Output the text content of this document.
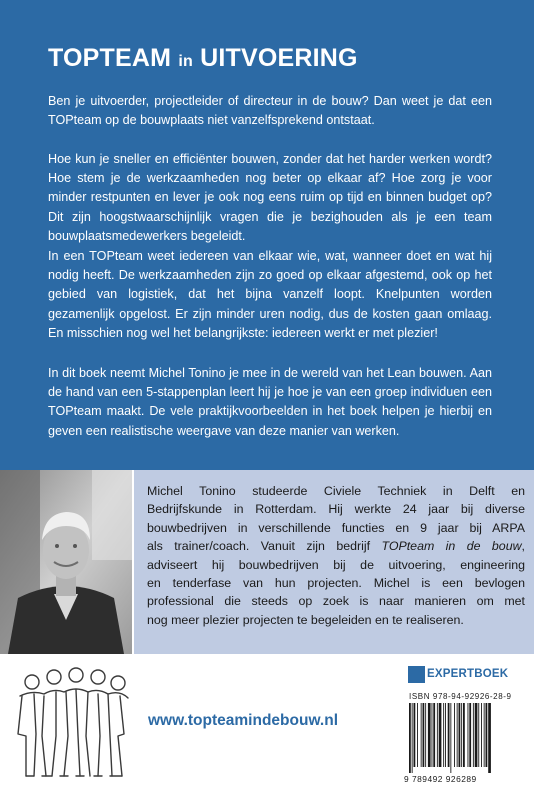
TOPTEAM in UITVOERING
Ben je uitvoerder, projectleider of directeur in de bouw? Dan weet je dat een TOPteam op de bouwplaats niet vanzelfsprekend ontstaat.
Hoe kun je sneller en efficiënter bouwen, zonder dat het harder werken wordt? Hoe stem je de werkzaamheden nog beter op elkaar af? Hoe zorg je voor minder restpunten en lever je ook nog eens ruim op tijd en binnen budget op? Dit zijn hoogstwaarschijnlijk vragen die je bezighouden als je een team bouwplaatsmedewerkers begeleidt.
In een TOPteam weet iedereen van elkaar wie, wat, wanneer doet en wat hij nodig heeft. De werkzaamheden zijn zo goed op elkaar afgestemd, ook op het gebied van logistiek, dat het bijna vanzelf loopt. Knelpunten worden gezamenlijk opgelost. Er zijn minder uren nodig, dus de kosten gaan omlaag. En misschien nog wel het belangrijkste: iedereen werkt er met plezier!
In dit boek neemt Michel Tonino je mee in de wereld van het Lean bouwen. Aan de hand van een 5-stappenplan leert hij je hoe je van een groep individuen een TOPteam maakt. De vele praktijkvoorbeelden in het boek helpen je hierbij en geven een realistische weergave van deze manier van werken.
Michel Tonino studeerde Civiele Techniek in Delft en
Bedrijfskunde in Rotterdam. Hij werkte 24 jaar bij diverse
bouwbedrijven in verschillende functies en 9 jaar bij ARPA
als trainer/coach. Vanuit zijn bedrijf TOPteam in de bouw,
adviseert hij bouwbedrijven bij de uitvoering, engineering
en tenderfase van hun projecten. Michel is een bevlogen
professional die steeds op zoek is naar manieren om met
nog meer plezier projecten te begeleiden en te realiseren.
www.topteamindebouw.nl
EXPERTBOEK
ISBN 978-94-92926-28-9
9 789492 926289
